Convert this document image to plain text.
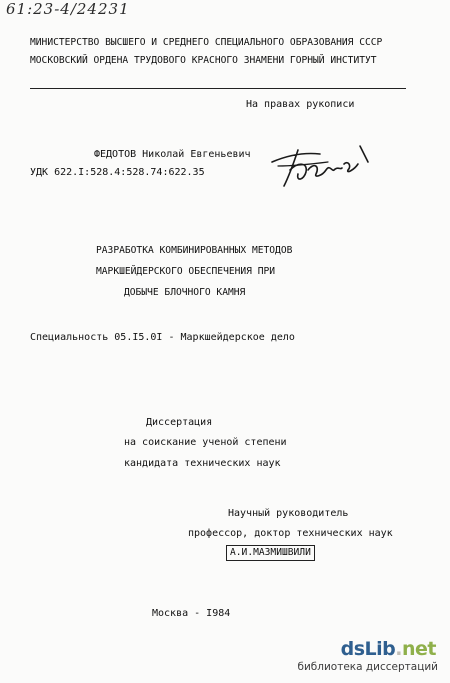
61:23-4/24231
МИНИСТЕРСТВО ВЫСШЕГО И СРЕДНЕГО СПЕЦИАЛЬНОГО ОБРАЗОВАНИЯ СССР
МОСКОВСКИЙ ОРДЕНА ТРУДОВОГО КРАСНОГО ЗНАМЕНИ ГОРНЫЙ ИНСТИТУТ
На правах рукописи
ФЕДОТОВ Николай Евгеньевич
УДК 622.I:528.4:528.74:622.35
РАЗРАБОТКА КОМБИНИРОВАННЫХ МЕТОДОВ
МАРКШЕЙДЕРСКОГО ОБЕСПЕЧЕНИЯ ПРИ
ДОБЫЧЕ БЛОЧНОГО КАМНЯ
Специальность 05.I5.0I - Маркшейдерское дело
Диссертация
на соискание ученой степени
кандидата технических наук
Научный руководитель
профессор, доктор технических наук
А.И.МАЗМИШВИЛИ
Москва - I984
dsLib.net
библиотека диссертаций
